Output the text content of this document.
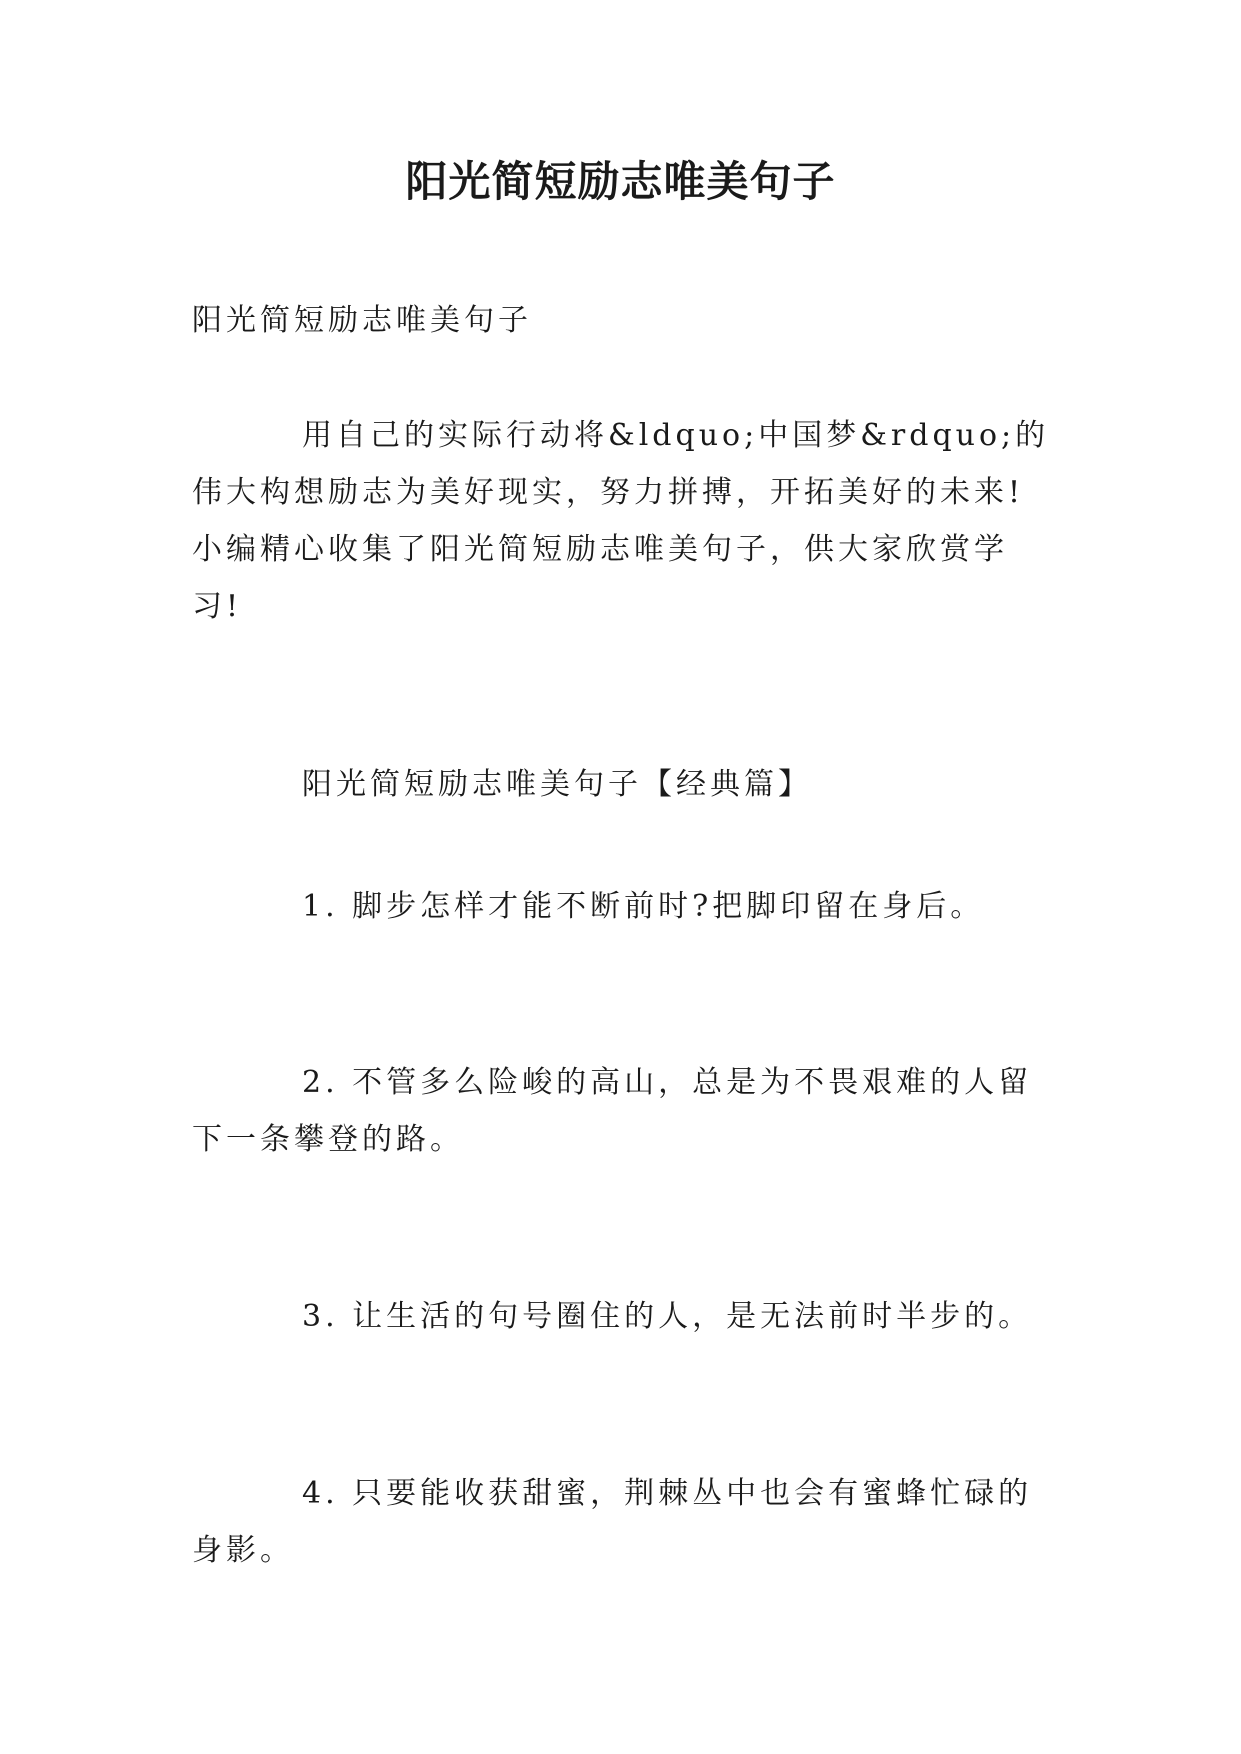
阳光简短励志唯美句子

阳光简短励志唯美句子

用自己的实际行动将&ldquo;中国梦&rdquo;的伟大构想励志为美好现实，努力拼搏，开拓美好的未来!小编精心收集了阳光简短励志唯美句子，供大家欣赏学习!

阳光简短励志唯美句子【经典篇】

1. 脚步怎样才能不断前时?把脚印留在身后。

2. 不管多么险峻的高山，总是为不畏艰难的人留下一条攀登的路。

3. 让生活的句号圈住的人，是无法前时半步的。

4. 只要能收获甜蜜，荆棘丛中也会有蜜蜂忙碌的身影。
